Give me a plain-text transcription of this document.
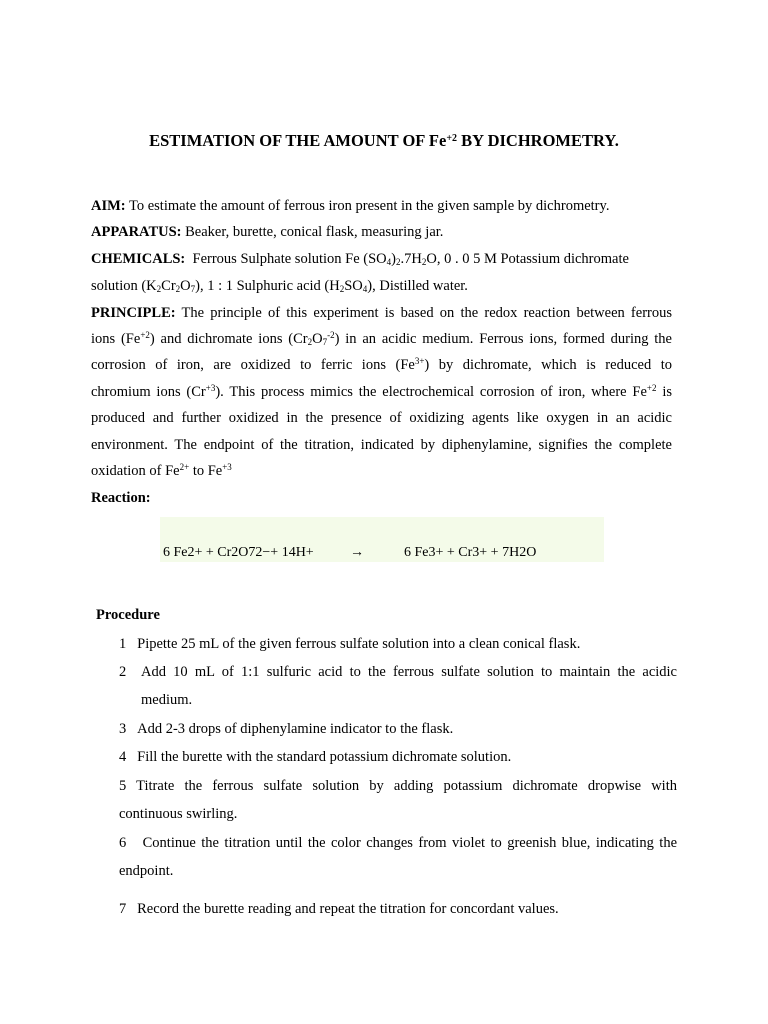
ESTIMATION OF THE AMOUNT OF $Fe^{+2}$ BY DICHROMETRY.
AIM: To estimate the amount of ferrous iron present in the given sample by dichrometry.
APPARATUS: Beaker, burette, conical flask, measuring jar.
CHEMICALS: Ferrous Sulphate solution Fe $(SO_4)_2.7H_2O$, 0 . 0 5 M Potassium dichromate
solution $(K_2Cr_2O_7)$, 1 : 1 Sulphuric acid $(H_2SO_4)$, Distilled water.
PRINCIPLE: The principle of this experiment is based on the redox reaction between ferrous
ions $(Fe^{+2})$ and dichromate ions $(Cr_2O_7^{-2})$ in an acidic medium. Ferrous ions, formed during the
corrosion of iron, are oxidized to ferric ions $(Fe^{3+})$ by dichromate, which is reduced to
chromium ions $(Cr^{+3})$. This process mimics the electrochemical corrosion of iron, where $Fe^{+2}$ is
produced and further oxidized in the presence of oxidizing agents like oxygen in an acidic
environment. The endpoint of the titration, indicated by diphenylamine, signifies the complete
oxidation of $Fe^{2+}$ to $Fe^{+3}$
Reaction:
6 Fe2+ + Cr2O72−+ 14H+	→	6 Fe3+ + Cr3+ + 7H2O
Procedure
1 Pipette 25 mL of the given ferrous sulfate solution into a clean conical flask.
2 Add 10 mL of 1:1 sulfuric acid to the ferrous sulfate solution to maintain the acidic
medium.
3 Add 2-3 drops of diphenylamine indicator to the flask.
4 Fill the burette with the standard potassium dichromate solution.
5 Titrate the ferrous sulfate solution by adding potassium dichromate dropwise with
continuous swirling.
6 Continue the titration until the color changes from violet to greenish blue, indicating the
endpoint.
7 Record the burette reading and repeat the titration for concordant values.
